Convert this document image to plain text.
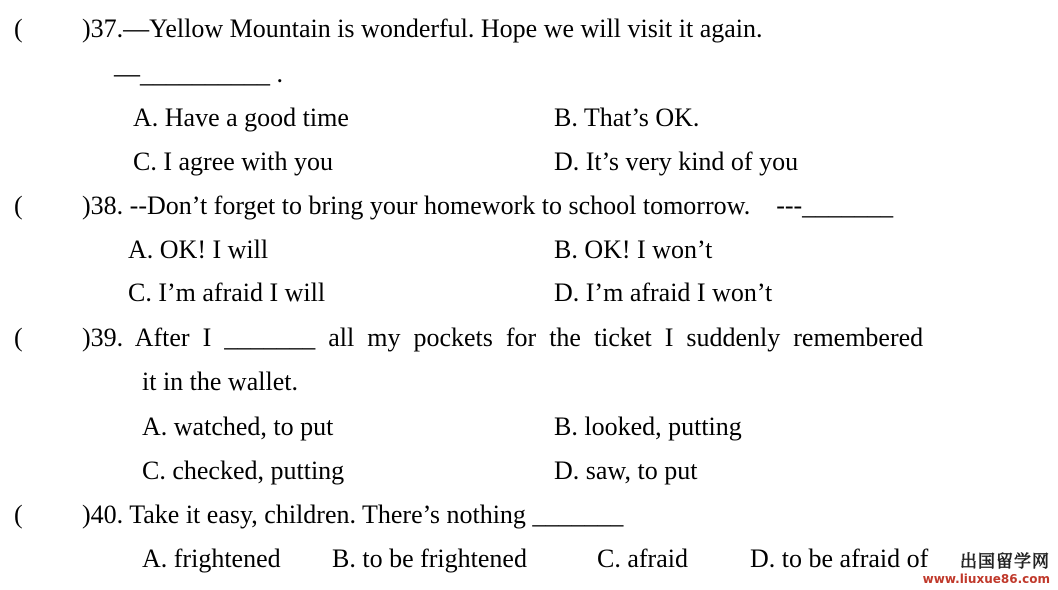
( )37.—Yellow Mountain is wonderful. Hope we will visit it again.
—__________ .
A. Have a good time	B. That’s OK.
C. I agree with you	D. It’s very kind of you
( )38. --Don’t forget to bring your homework to school tomorrow.    ---_______
A. OK! I will	B. OK! I won’t
C. I’m afraid I will	D. I’m afraid I won’t
( )39.  After  I  _______  all  my  pockets  for  the  ticket  I  suddenly  remembered
it in the wallet.
A. watched, to put	B. looked, putting
C. checked, putting	D. saw, to put
( )40. Take it easy, children. There’s nothing _______
A. frightened B. to be frightened	C. afraid D. to be afraid of	出国留学网
www.liuxue86.com
